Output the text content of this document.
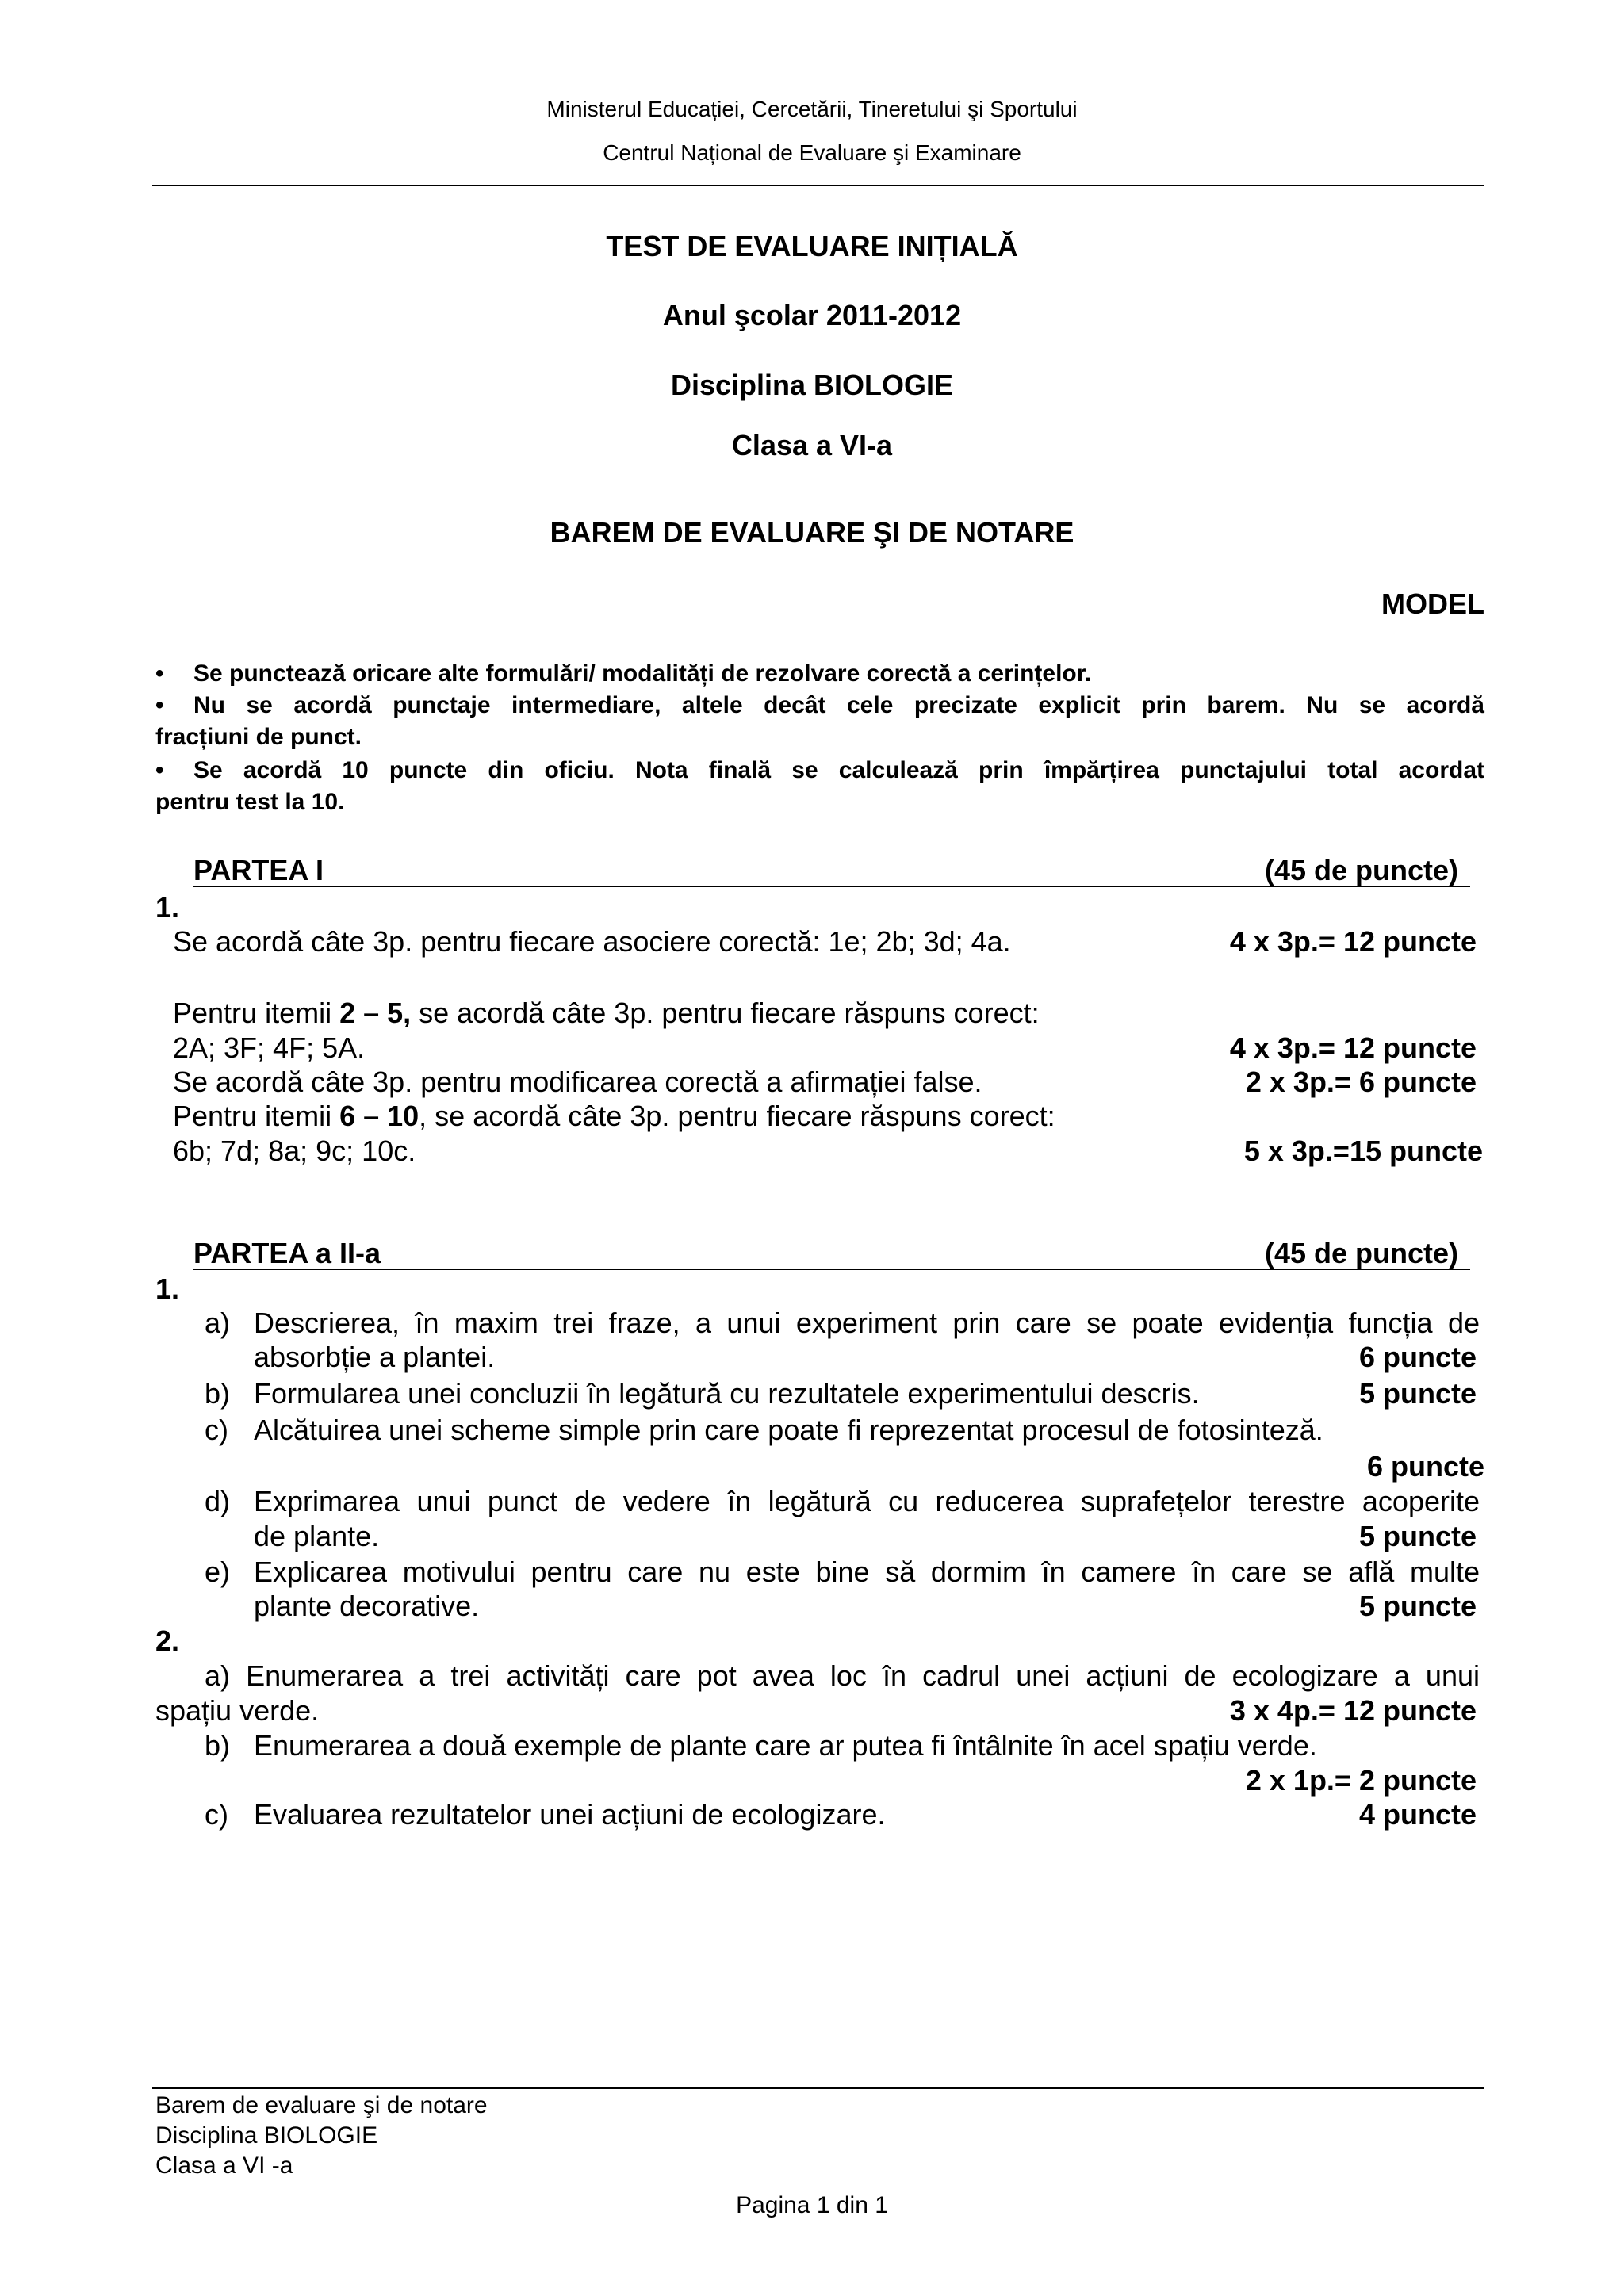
Ministerul Educației, Cercetării, Tineretului şi Sportului
Centrul Național de Evaluare şi Examinare
TEST DE EVALUARE INIȚIALĂ
Anul şcolar 2011-2012
Disciplina BIOLOGIE
Clasa a VI-a
BAREM DE EVALUARE ŞI DE NOTARE
MODEL
• Se punctează oricare alte formulări/ modalități de rezolvare corectă a cerințelor.
• Nu se acordă punctaje intermediare, altele decât cele precizate explicit prin barem. Nu se acordă
fracțiuni de punct.
• Se acordă 10 puncte din oficiu. Nota finală se calculează prin împărțirea punctajului total acordat
pentru test la 10.
PARTEA I	(45 de puncte)
1.
Se acordă câte 3p. pentru fiecare asociere corectă: 1e; 2b; 3d; 4a.	4 x 3p.= 12 puncte
Pentru itemii 2 – 5, se acordă câte 3p. pentru fiecare răspuns corect:
2A; 3F; 4F; 5A.	4 x 3p.= 12 puncte
Se acordă câte 3p. pentru modificarea corectă a afirmației false.	2 x 3p.= 6 puncte
Pentru itemii 6 – 10, se acordă câte 3p. pentru fiecare răspuns corect:
6b; 7d; 8a; 9c; 10c.	5 x 3p.=15 puncte
PARTEA a II-a	(45 de puncte)
1.
a) Descrierea, în maxim trei fraze, a unui experiment prin care se poate evidenția funcția de
absorbție a plantei.	6 puncte
b) Formularea unei concluzii în legătură cu rezultatele experimentului descris.	5 puncte
c) Alcătuirea unei scheme simple prin care poate fi reprezentat procesul de fotosinteză.
6 puncte
d) Exprimarea unui punct de vedere în legătură cu reducerea suprafețelor terestre acoperite
de plante.	5 puncte
e) Explicarea motivului pentru care nu este bine să dormim în camere în care se află multe
plante decorative.	5 puncte
2.
a) Enumerarea a trei activități care pot avea loc în cadrul unei acțiuni de ecologizare a unui
spațiu verde.	3 x 4p.= 12 puncte
b) Enumerarea a două exemple de plante care ar putea fi întâlnite în acel spațiu verde.
2 x 1p.= 2 puncte
c) Evaluarea rezultatelor unei acțiuni de ecologizare.	4 puncte
Barem de evaluare şi de notare
Disciplina BIOLOGIE
Clasa a VI -a
Pagina 1 din 1
